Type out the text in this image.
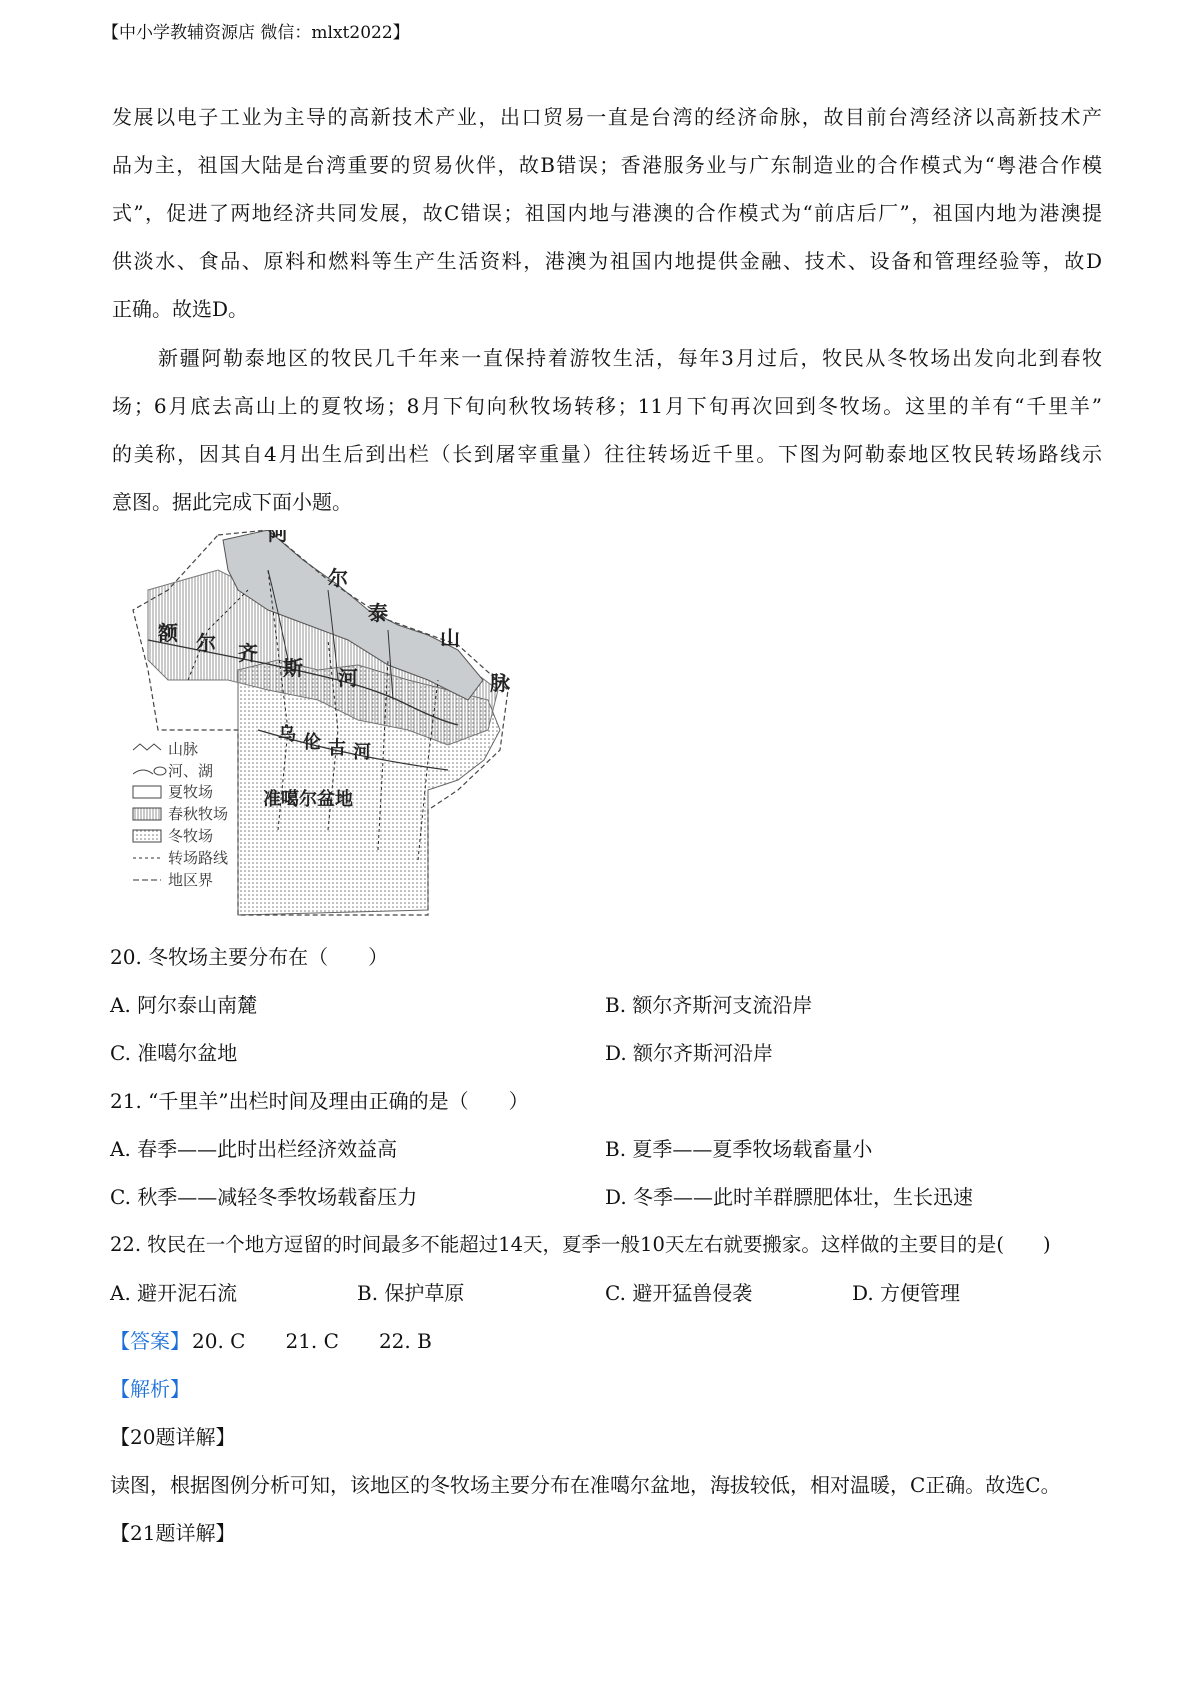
【中小学教辅资源店 微信：mlxt2022】
发展以电子工业为主导的高新技术产业，出口贸易一直是台湾的经济命脉，故目前台湾经济以高新技术产
品为主，祖国大陆是台湾重要的贸易伙伴，故B错误；香港服务业与广东制造业的合作模式为“粤港合作模
式”，促进了两地经济共同发展，故C错误；祖国内地与港澳的合作模式为“前店后厂”，祖国内地为港澳提
供淡水、食品、原料和燃料等生产生活资料，港澳为祖国内地提供金融、技术、设备和管理经验等，故D
正确。故选D。
新疆阿勒泰地区的牧民几千年来一直保持着游牧生活，每年3月过后，牧民从冬牧场出发向北到春牧
场；6月底去高山上的夏牧场；8月下旬向秋牧场转移；11月下旬再次回到冬牧场。这里的羊有“千里羊”
的美称，因其自4月出生后到出栏（长到屠宰重量）往往转场近千里。下图为阿勒泰地区牧民转场路线示
意图。据此完成下面小题。
阿
尔
泰
山
脉
额 尔 齐
斯 河
乌 伦 古 河
准噶尔盆地
山脉
河、湖
夏牧场
春秋牧场
冬牧场
转场路线
地区界
20. 冬牧场主要分布在（　　）
A. 阿尔泰山南麓	B. 额尔齐斯河支流沿岸
C. 准噶尔盆地	D. 额尔齐斯河沿岸
21. “千里羊”出栏时间及理由正确的是（　　）
A. 春季——此时出栏经济效益高	B. 夏季——夏季牧场载畜量小
C. 秋季——减轻冬季牧场载畜压力	D. 冬季——此时羊群膘肥体壮，生长迅速
22. 牧民在一个地方逗留的时间最多不能超过14天，夏季一般10天左右就要搬家。这样做的主要目的是(　　)
A. 避开泥石流	B. 保护草原	C. 避开猛兽侵袭	D. 方便管理
【答案】 20. C 21. C 22. B
【解析】
【20题详解】
读图，根据图例分析可知，该地区的冬牧场主要分布在准噶尔盆地，海拔较低，相对温暖，C正确。故选C。
【21题详解】
